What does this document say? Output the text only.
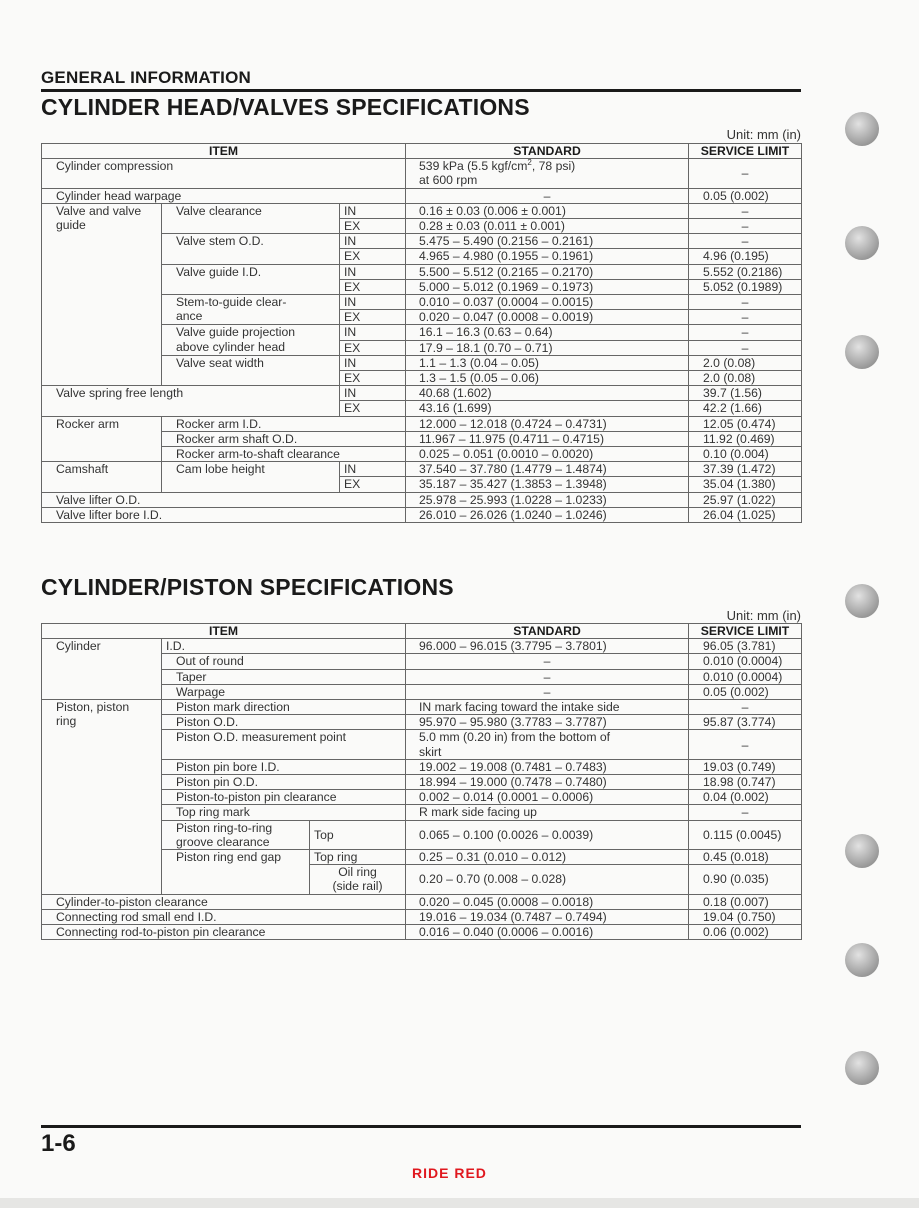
GENERAL INFORMATION
CYLINDER HEAD/VALVES SPECIFICATIONS
Unit: mm (in)
ITEM			STANDARD	SERVICE LIMIT
Cylinder compression			539 kPa (5.5 kgf/$cm^2$, 78 psi)
at 600 rpm	–
Cylinder head warpage			–	0.05 (0.002)
Valve and valve guide	Valve clearance	IN	0.16 ± 0.03 (0.006 ± 0.001)	–
		EX	0.28 ± 0.03 (0.011 ± 0.001)	–
	Valve stem O.D.	IN	5.475 – 5.490 (0.2156 – 0.2161)	–
		EX	4.965 – 4.980 (0.1955 – 0.1961)	4.96 (0.195)
	Valve guide I.D.	IN	5.500 – 5.512 (0.2165 – 0.2170)	5.552 (0.2186)
		EX	5.000 – 5.012 (0.1969 – 0.1973)	5.052 (0.1989)
	Stem-to-guide clear-
ance	IN	0.010 – 0.037 (0.0004 – 0.0015)	–
		EX	0.020 – 0.047 (0.0008 – 0.0019)	–
	Valve guide projection
above cylinder head	IN	16.1 – 16.3 (0.63 – 0.64)	–
		EX	17.9 – 18.1 (0.70 – 0.71)	–
	Valve seat width	IN	1.1 – 1.3 (0.04 – 0.05)	2.0 (0.08)
		EX	1.3 – 1.5 (0.05 – 0.06)	2.0 (0.08)
Valve spring free length		IN	40.68 (1.602)	39.7 (1.56)
		EX	43.16 (1.699)	42.2 (1.66)
Rocker arm	Rocker arm I.D.		12.000 – 12.018 (0.4724 – 0.4731)	12.05 (0.474)
	Rocker arm shaft O.D.		11.967 – 11.975 (0.4711 – 0.4715)	11.92 (0.469)
	Rocker arm-to-shaft clearance		0.025 – 0.051 (0.0010 – 0.0020)	0.10 (0.004)
Camshaft	Cam lobe height	IN	37.540 – 37.780 (1.4779 – 1.4874)	37.39 (1.472)
		EX	35.187 – 35.427 (1.3853 – 1.3948)	35.04 (1.380)
Valve lifter O.D.			25.978 – 25.993 (1.0228 – 1.0233)	25.97 (1.022)
Valve lifter bore I.D.			26.010 – 26.026 (1.0240 – 1.0246)	26.04 (1.025)
CYLINDER/PISTON SPECIFICATIONS
Unit: mm (in)
ITEM			STANDARD	SERVICE LIMIT
Cylinder	I.D.		96.000 – 96.015 (3.7795 – 3.7801)	96.05 (3.781)
	Out of round		–	0.010 (0.0004)
	Taper		–	0.010 (0.0004)
	Warpage		–	0.05 (0.002)
Piston, piston
ring	Piston mark direction		IN mark facing toward the intake side	–
	Piston O.D.		95.970 – 95.980 (3.7783 – 3.7787)	95.87 (3.774)
	Piston O.D. measurement point		5.0 mm (0.20 in) from the bottom of
skirt	–
	Piston pin bore I.D.		19.002 – 19.008 (0.7481 – 0.7483)	19.03 (0.749)
	Piston pin O.D.		18.994 – 19.000 (0.7478 – 0.7480)	18.98 (0.747)
	Piston-to-piston pin clearance		0.002 – 0.014 (0.0001 – 0.0006)	0.04 (0.002)
	Top ring mark		R mark side facing up	–
	Piston ring-to-ring
groove clearance	Top	0.065 – 0.100 (0.0026 – 0.0039)	0.115 (0.0045)
	Piston ring end gap	Top ring	0.25 – 0.31 (0.010 – 0.012)	0.45 (0.018)
		Oil ring
(side rail)	0.20 – 0.70 (0.008 – 0.028)	0.90 (0.035)
Cylinder-to-piston clearance			0.020 – 0.045 (0.0008 – 0.0018)	0.18 (0.007)
Connecting rod small end I.D.			19.016 – 19.034 (0.7487 – 0.7494)	19.04 (0.750)
Connecting rod-to-piston pin clearance			0.016 – 0.040 (0.0006 – 0.0016)	0.06 (0.002)
1-6
RIDE RED
